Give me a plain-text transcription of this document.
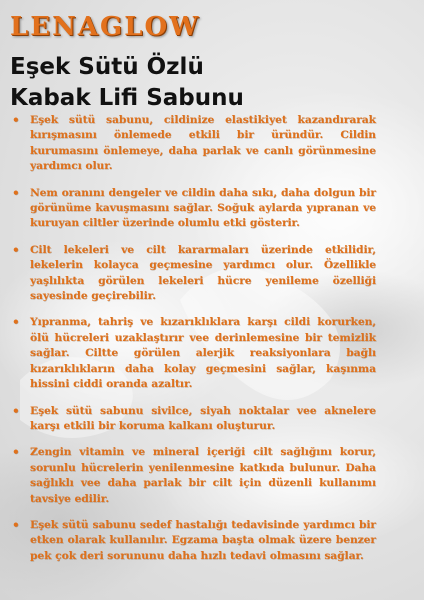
LENAGLOW
Eşek Sütü Özlü
Kabak Lifi Sabunu
• Eşek sütü sabunu, cildinize elastikiyet kazandırarak kırışmasını önlemede etkili bir üründür. Cildin kurumasını önlemeye, daha parlak ve canlı görünmesine yardımcı olur.
• Nem oranını dengeler ve cildin daha sıkı, daha dolgun bir görünüme kavuşmasını sağlar. Soğuk aylarda yıpranan ve kuruyan ciltler üzerinde olumlu etki gösterir.
• Cilt lekeleri ve cilt kararmaları üzerinde etkilidir, lekelerin kolayca geçmesine yardımcı olur. Özellikle yaşlılıkta görülen lekeleri hücre yenileme özelliği sayesinde geçirebilir.
• Yıpranma, tahriş ve kızarıklıklara karşı cildi korurken, ölü hücreleri uzaklaştırır vee derinlemesine bir temizlik sağlar. Ciltte görülen alerjik reaksiyonlara bağlı kızarıklıkların daha kolay geçmesini sağlar, kaşınma hissini ciddi oranda azaltır.
• Eşek sütü sabunu sivilce, siyah noktalar vee aknelere karşı etkili bir koruma kalkanı oluşturur.
• Zengin vitamin ve mineral içeriği cilt sağlığını korur, sorunlu hücrelerin yenilenmesine katkıda bulunur. Daha sağlıklı vee daha parlak bir cilt için düzenli kullanımı tavsiye edilir.
• Eşek sütü sabunu sedef hastalığı tedavisinde yardımcı bir etken olarak kullanılır. Egzama başta olmak üzere benzer pek çok deri sorununu daha hızlı tedavi olmasını sağlar.
